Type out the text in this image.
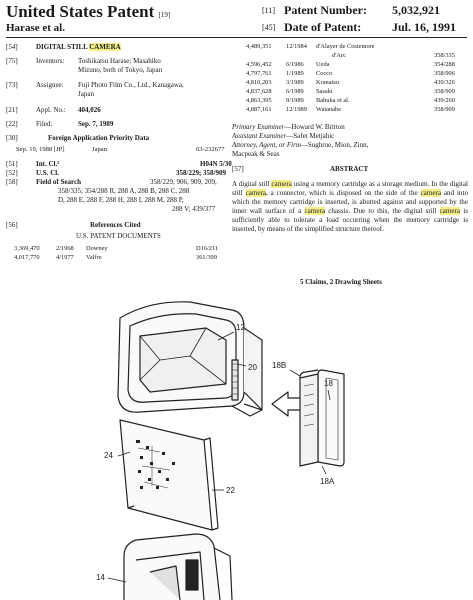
United States Patent [19]
Harase et al.
[11] Patent Number: 5,032,921
[45] Date of Patent:	Jul. 16, 1991
[54]	DIGITAL STILL CAMERA
[75]	Inventors: Toshikatsu Harase; Masahiko
Mizuno, both of Tokyo, Japan
[73]	Assignee: Fuji Photo Film Co., Ltd., Kanagawa,
Japan
[21]	Appl. No.: 404,026
[22]	Filed:	Sep. 7, 1989
[30]	Foreign Application Priority Data
Sep. 19, 1988 [JP]	Japan	63-232677
[51]	Int. Cl.⁵	H04N 5/30
[52]	U.S. Cl.	358/229; 358/909
[58]	Field of Search	358/229, 906, 909, 209,
358/335; 354/288 R, 288 A, 288 B, 288 C, 288
D, 288 E, 288 F, 288 H, 288 I, 288 M, 288 P,
288 V; 439/377
[56]	References Cited
U.S. PATENT DOCUMENTS
3,369,470	2/1968 Downey	D16/211
4,017,770	4/1977 Valfre	361/399
4,489,351 12/1984 d'Alayer de Costemore
d'Arc	358/335
4,596,452 6/1986 Ueda	354/288
4,797,761 1/1989 Cocco	358/906
4,810,203 3/1989 Komatsu	439/326
4,837,628 6/1989 Sasaki	358/909
4,863,395 9/1989 Babuka et al.	439/260
4,887,161 12/1989 Watanabe	358/909
Primary Examiner—Howard W. Britton
Assistant Examiner—Safet Metjahic
Attorney, Agent, or Firm—Sughrue, Mion, Zinn,
Macpeak & Seas
[57]	ABSTRACT
A digital still camera using a memory cartridge as a storage medium. In the digital still camera, a connector, which is disposed on the side of the camera and into which the memory cartridge is inserted, is abutted against and supported by the inner wall surface of a camera chassis. Due to this, the digital still camera is sufficiently able to tolerate a load occurring when the memory cartridge is inserted, by means of the simplified structure thereof.
5 Claims, 2 Drawing Sheets
12
20 18B
18
18A
24
22
14
